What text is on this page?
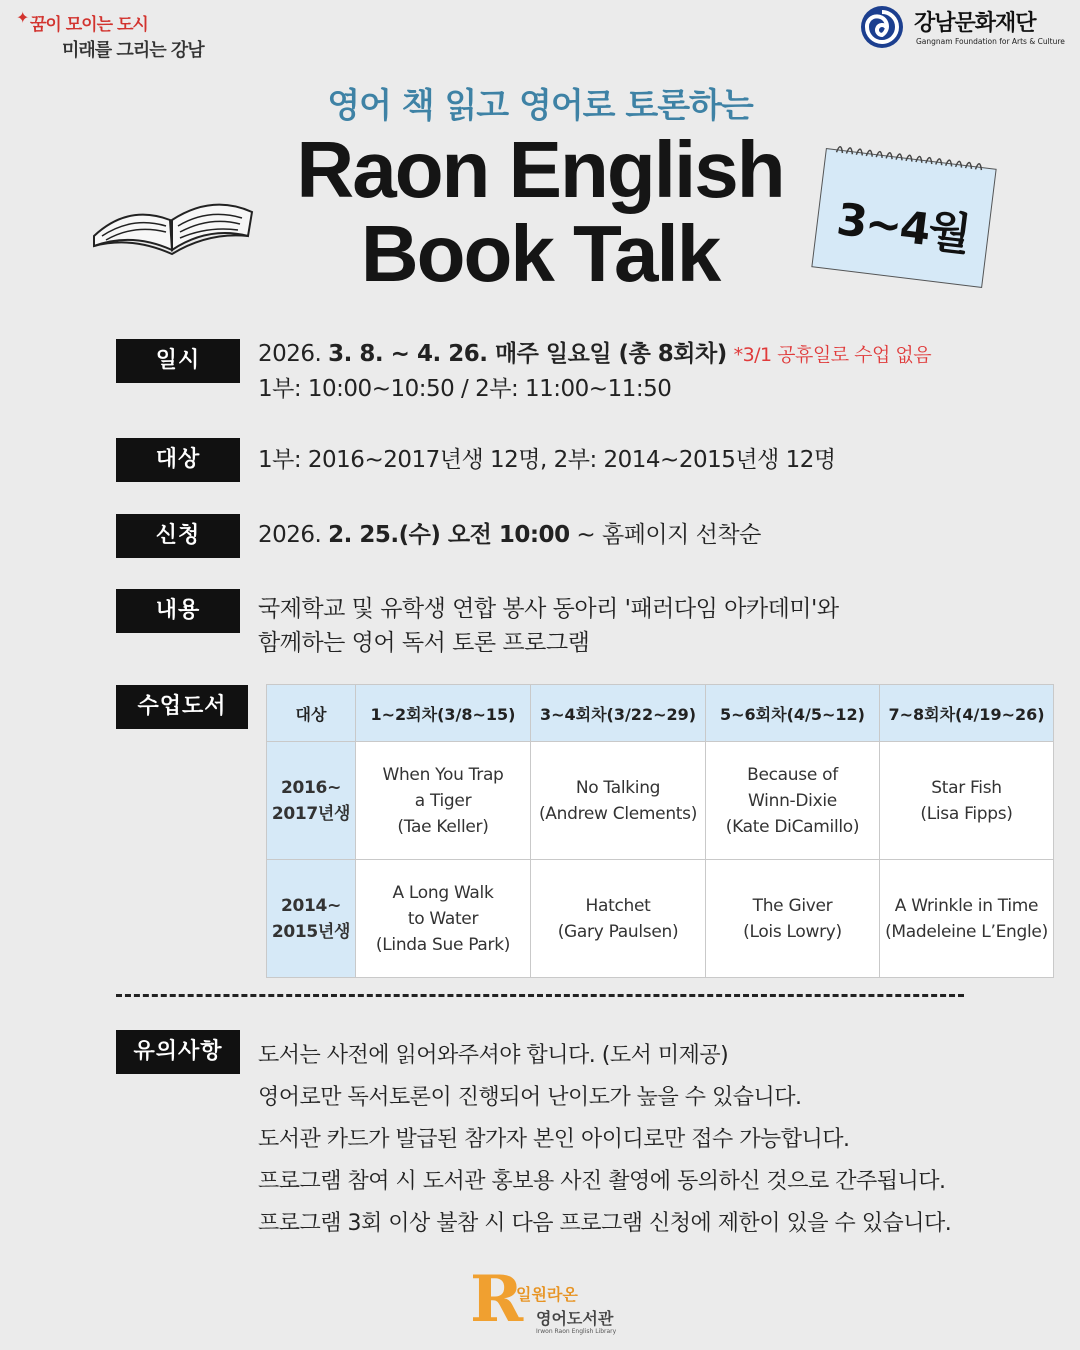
✦ 꿈이 모이는 도시
미래를 그리는 강남
강남문화재단
Gangnam Foundation for Arts & Culture
영어 책 읽고 영어로 토론하는
Raon English
Book Talk	3~4월
일시	2026. 3. 8. ~ 4. 26. 매주 일요일 (총 8회차) *3/1 공휴일로 수업 없음
1부: 10:00~10:50 / 2부: 11:00~11:50
대상	1부: 2016~2017년생 12명, 2부: 2014~2015년생 12명
신청	2026. 2. 25.(수) 오전 10:00 ~ 홈페이지 선착순
내용	국제학교 및 유학생 연합 봉사 동아리 '패러다임 아카데미'와
함께하는 영어 독서 토론 프로그램
수업도서	대상	1~2회차(3/8~15)	3~4회차(3/22~29)	5~6회차(4/5~12)	7~8회차(4/19~26)

2016~
2017년생	When You Trap
a Tiger
(Tae Keller)	No Talking
(Andrew Clements)	Because of
Winn-Dixie
(Kate DiCamillo)	Star Fish
(Lisa Fipps)

2014~
2015년생	A Long Walk
to Water
(Linda Sue Park)	Hatchet
(Gary Paulsen)	The Giver
(Lois Lowry)	A Wrinkle in Time
(Madeleine L’Engle)
유의사항	도서는 사전에 읽어와주셔야 합니다. (도서 미제공)
영어로만 독서토론이 진행되어 난이도가 높을 수 있습니다.
도서관 카드가 발급된 참가자 본인 아이디로만 접수 가능합니다.
프로그램 참여 시 도서관 홍보용 사진 촬영에 동의하신 것으로 간주됩니다.
프로그램 3회 이상 불참 시 다음 프로그램 신청에 제한이 있을 수 있습니다.
R
일원라온
영어도서관
Irwon Raon English Library
